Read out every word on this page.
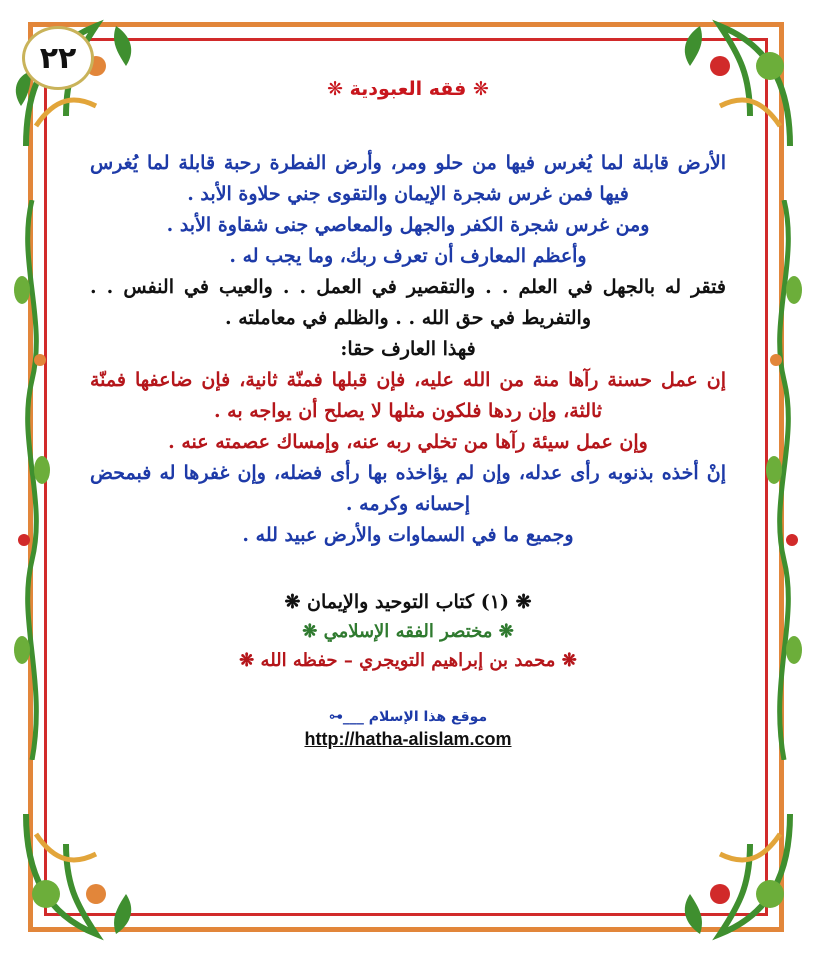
٢٢
❋ فقه العبودية ❋

الأرض قابلة لما يُغرس فيها من حلو ومر، وأرض الفطرة رحبة قابلة لما يُغرس فيها فمن غرس شجرة الإيمان والتقوى جني حلاوة الأبد .

ومن غرس شجرة الكفر والجهل والمعاصي جنى شقاوة الأبد .

وأعظم المعارف أن تعرف ربك، وما يجب له .

فتقر له بالجهل في العلم . . والتقصير في العمل . . والعيب في النفس . . والتفريط في حق الله . . والظلم في معاملته .

فهذا العارف حقا:

إن عمل حسنة رآها منة من الله عليه، فإن قبلها فمنّة ثانية، فإن ضاعفها فمنّة ثالثة، وإن ردها فلكون مثلها لا يصلح أن يواجه به .

وإن عمل سيئة رآها من تخلي ربه عنه، وإمساك عصمته عنه .

إنْ أخذه بذنوبه رأى عدله، وإن لم يؤاخذه بها رأى فضله، وإن غفرها له فبمحض إحسانه وكرمه .

وجميع ما في السماوات والأرض عبيد لله .

❋ (١) كتاب التوحيد والإيمان ❋
❋ مختصر الفقه الإسلامي ❋
❋ محمد بن إبراهيم التويجري – حفظه الله ❋
موقع هذا الإسلام ___⊷
http://hatha-alislam.com
